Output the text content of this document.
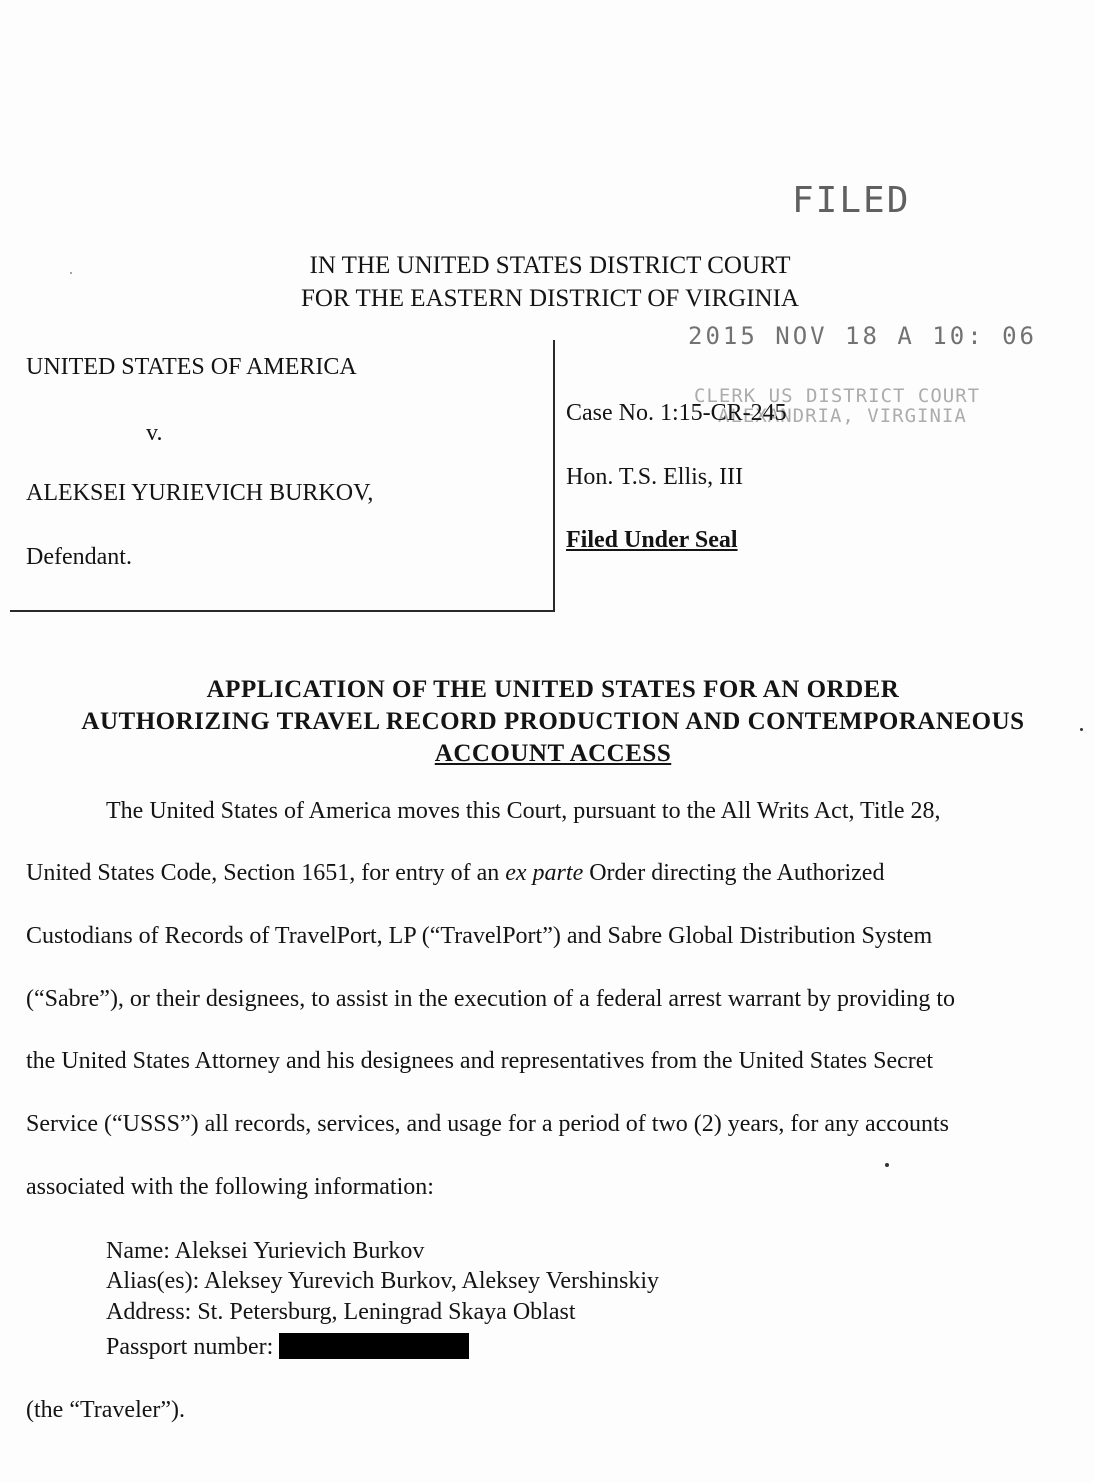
FILED
2015 NOV 18 A 10: 06
CLERK US DISTRICT COURT
ALEXANDRIA, VIRGINIA
IN THE UNITED STATES DISTRICT COURT
FOR THE EASTERN DISTRICT OF VIRGINIA
UNITED STATES OF AMERICA
v.
ALEKSEI YURIEVICH BURKOV,
Defendant.
Case No. 1:15-CR-245
Hon. T.S. Ellis, III
Filed Under Seal
APPLICATION OF THE UNITED STATES FOR AN ORDER
AUTHORIZING TRAVEL RECORD PRODUCTION AND CONTEMPORANEOUS
ACCOUNT ACCESS
The United States of America moves this Court, pursuant to the All Writs Act, Title 28,
United States Code, Section 1651, for entry of an ex parte Order directing the Authorized
Custodians of Records of TravelPort, LP (“TravelPort”) and Sabre Global Distribution System
(“Sabre”), or their designees, to assist in the execution of a federal arrest warrant by providing to
the United States Attorney and his designees and representatives from the United States Secret
Service (“USSS”) all records, services, and usage for a period of two (2) years, for any accounts
associated with the following information:
Name: Aleksei Yurievich Burkov
Alias(es): Aleksey Yurevich Burkov, Aleksey Vershinskiy
Address: St. Petersburg, Leningrad Skaya Oblast
Passport number:
(the “Traveler”).
